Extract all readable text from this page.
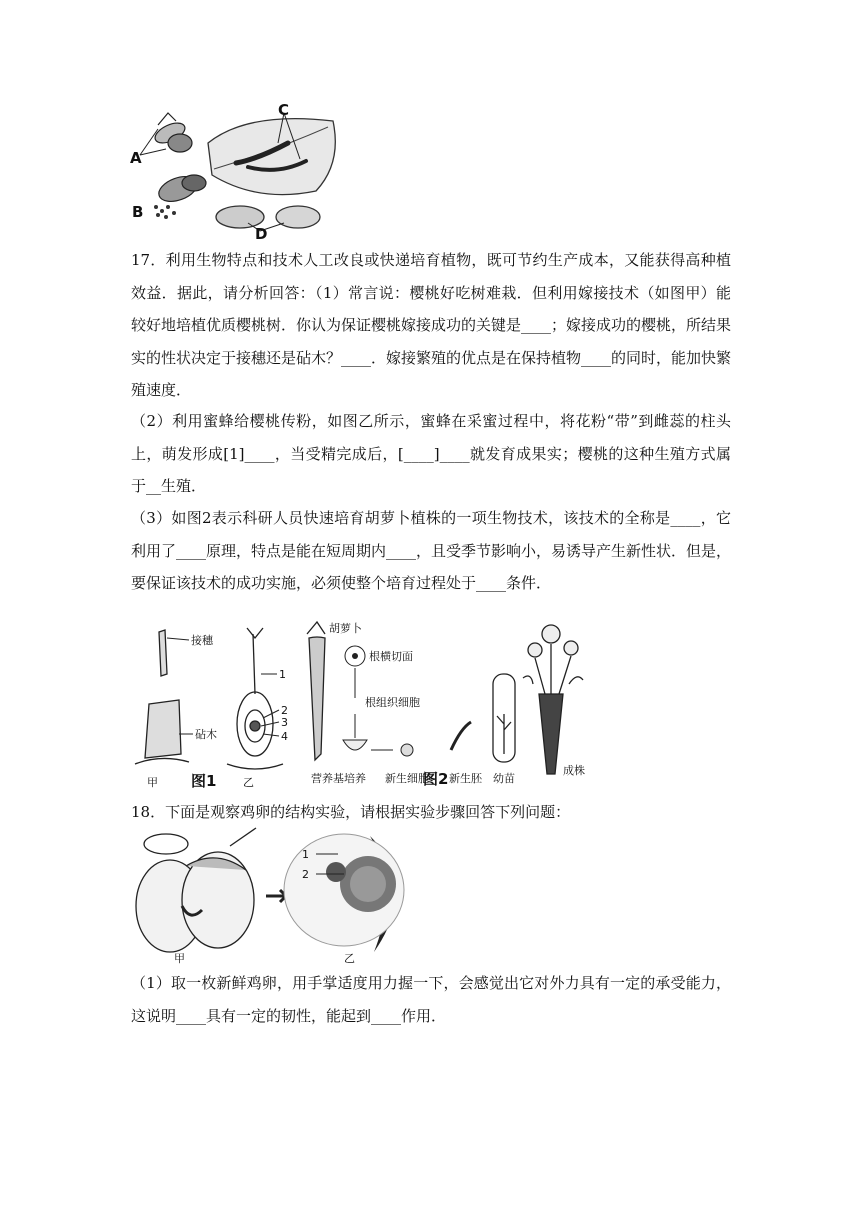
A
B
C
D
17．利用生物特点和技术人工改良或快递培育植物，既可节约生产成本，又能获得高种植效益．据此，请分析回答：（1）常言说：樱桃好吃树难栽．但利用嫁接技术（如图甲）能较好地培植优质樱桃树．你认为保证樱桃嫁接成功的关键是____；嫁接成功的樱桃，所结果实的性状决定于接穗还是砧木？____．嫁接繁殖的优点是在保持植物____的同时，能加快繁殖速度．
（2）利用蜜蜂给樱桃传粉，如图乙所示，蜜蜂在采蜜过程中，将花粉“带”到雌蕊的柱头上，萌发形成[1]____，当受精完成后，[____]____就发育成果实；樱桃的这种生殖方式属于__生殖．
（3）如图2表示科研人员快速培育胡萝卜植株的一项生物技术，该技术的全称是____，它利用了____原理，特点是能在短周期内____，且受季节影响小，易诱导产生新性状．但是，要保证该技术的成功实施，必须使整个培育过程处于____条件．
接穗
砧木
1
2
3
4
甲 图1 乙
胡萝卜
根横切面
根组织细胞
营养基培养 新生细胞
图2 新生胚 幼苗
成株
18．下面是观察鸡卵的结构实验，请根据实验步骤回答下列问题：
1
2
甲	乙
（1）取一枚新鲜鸡卵，用手掌适度用力握一下，会感觉出它对外力具有一定的承受能力，这说明____具有一定的韧性，能起到____作用．
